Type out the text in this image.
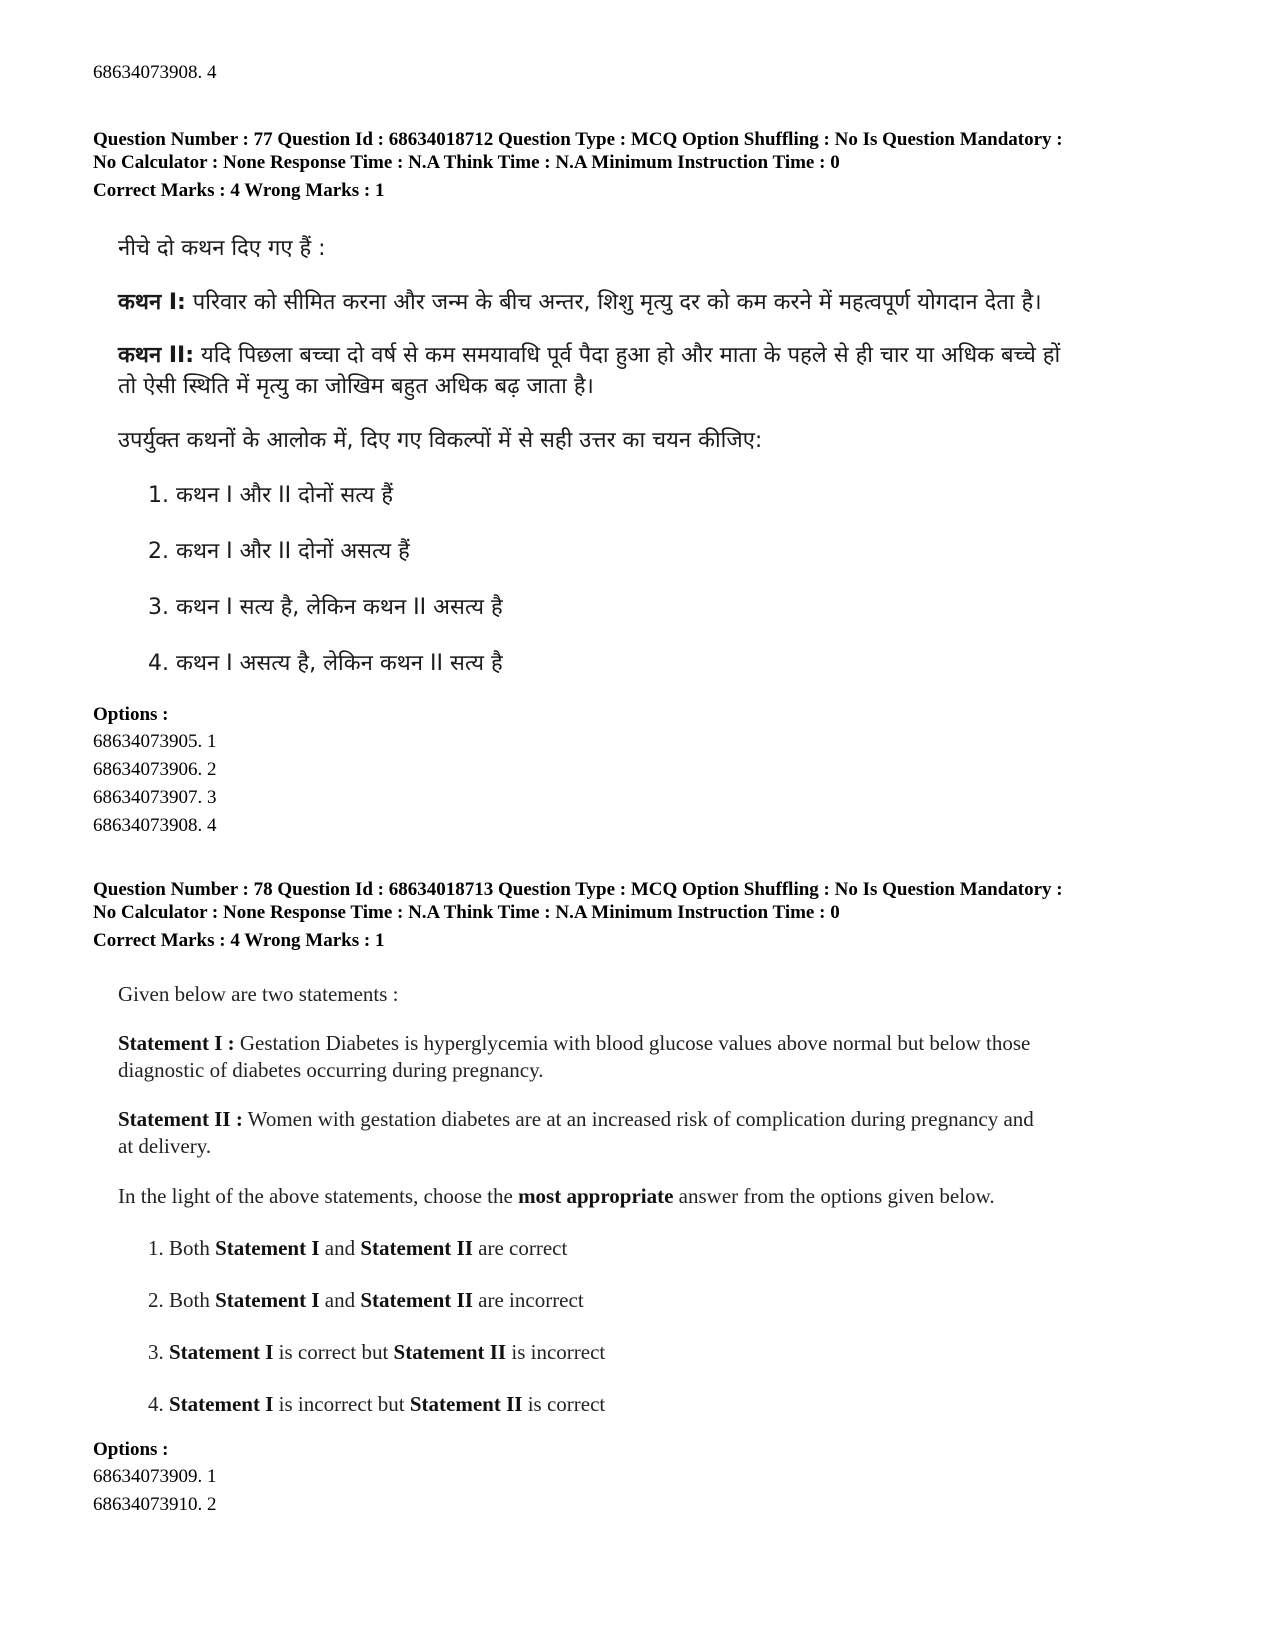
68634073908. 4
Question Number : 77 Question Id : 68634018712 Question Type : MCQ Option Shuffling : No Is Question Mandatory :
No Calculator : None Response Time : N.A Think Time : N.A Minimum Instruction Time : 0
Correct Marks : 4 Wrong Marks : 1
नीचे दो कथन दिए गए हैं :
कथन I: परिवार को सीमित करना और जन्म के बीच अन्तर, शिशु मृत्यु दर को कम करने में महत्वपूर्ण योगदान देता है।
कथन II: यदि पिछला बच्चा दो वर्ष से कम समयावधि पूर्व पैदा हुआ हो और माता के पहले से ही चार या अधिक बच्चे हों
तो ऐसी स्थिति में मृत्यु का जोखिम बहुत अधिक बढ़ जाता है।
उपर्युक्त कथनों के आलोक में, दिए गए विकल्पों में से सही उत्तर का चयन कीजिए:
1. कथन I और II दोनों सत्य हैं
2. कथन I और II दोनों असत्य हैं
3. कथन I सत्य है, लेकिन कथन II असत्य है
4. कथन I असत्य है, लेकिन कथन II सत्य है
Options :
68634073905. 1
68634073906. 2
68634073907. 3
68634073908. 4
Question Number : 78 Question Id : 68634018713 Question Type : MCQ Option Shuffling : No Is Question Mandatory :
No Calculator : None Response Time : N.A Think Time : N.A Minimum Instruction Time : 0
Correct Marks : 4 Wrong Marks : 1
Given below are two statements :
Statement I : Gestation Diabetes is hyperglycemia with blood glucose values above normal but below those
diagnostic of diabetes occurring during pregnancy.
Statement II : Women with gestation diabetes are at an increased risk of complication during pregnancy and
at delivery.
In the light of the above statements, choose the most appropriate answer from the options given below.
1. Both Statement I and Statement II are correct
2. Both Statement I and Statement II are incorrect
3. Statement I is correct but Statement II is incorrect
4. Statement I is incorrect but Statement II is correct
Options :
68634073909. 1
68634073910. 2
